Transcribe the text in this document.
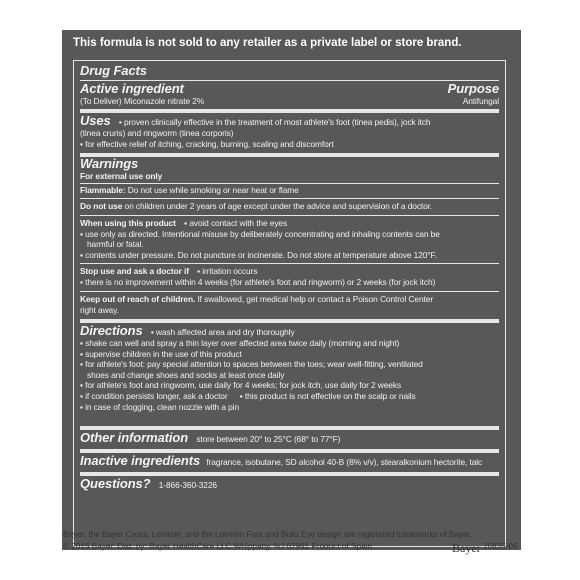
This formula is not sold to any retailer as a private label or store brand.
Drug Facts
Active ingredient	Purpose
(To Deliver) Miconazole nitrate 2%	Antifungal
Uses ▪ proven clinically effective in the treatment of most athlete's foot (tinea pedis), jock itch
(tinea cruris) and ringworm (tinea corporis)
▪ for effective relief of itching, cracking, burning, scaling and discomfort
Warnings
For external use only
Flammable: Do not use while smoking or near heat or flame
Do not use on children under 2 years of age except under the advice and supervision of a doctor.
When using this product ▪ avoid contact with the eyes
▪ use only as directed. Intentional misuse by deliberately concentrating and inhaling contents can be
harmful or fatal.
▪ contents under pressure. Do not puncture or incinerate. Do not store at temperature above 120°F.
Stop use and ask a doctor if ▪ irritation occurs
▪ there is no improvement within 4 weeks (for athlete's foot and ringworm) or 2 weeks (for jock itch)
Keep out of reach of children. If swallowed, get medical help or contact a Poison Control Center
right away.
Directions ▪ wash affected area and dry thoroughly
▪ shake can well and spray a thin layer over affected area twice daily (morning and night)
▪ supervise children in the use of this product
▪ for athlete's foot: pay special attention to spaces between the toes; wear well-fitting, ventilated
shoes and change shoes and socks at least once daily
▪ for athlete's foot and ringworm, use daily for 4 weeks; for jock itch, use daily for 2 weeks
▪ if condition persists longer, ask a doctor ▪ this product is not effective on the scalp or nails
▪ in case of clogging, clean nozzle with a pin
Other information store between 20° to 25°C (68° to 77°F)
Inactive ingredients fragrance, isobutane, SD alcohol 40-B (8% v/v), stearalkonium hectorite, talc
Questions? 1-866-360-3226
Bayer, the Bayer Cross, Lotrimin, and the Lotrimin Foot and Bulls Eye design are registered trademarks of Bayer.
© 2015 Bayer. Dist. by: Bayer HealthCare LLC Whippany, NJ 07981 Product of Spain.	Bayer 26835-06
